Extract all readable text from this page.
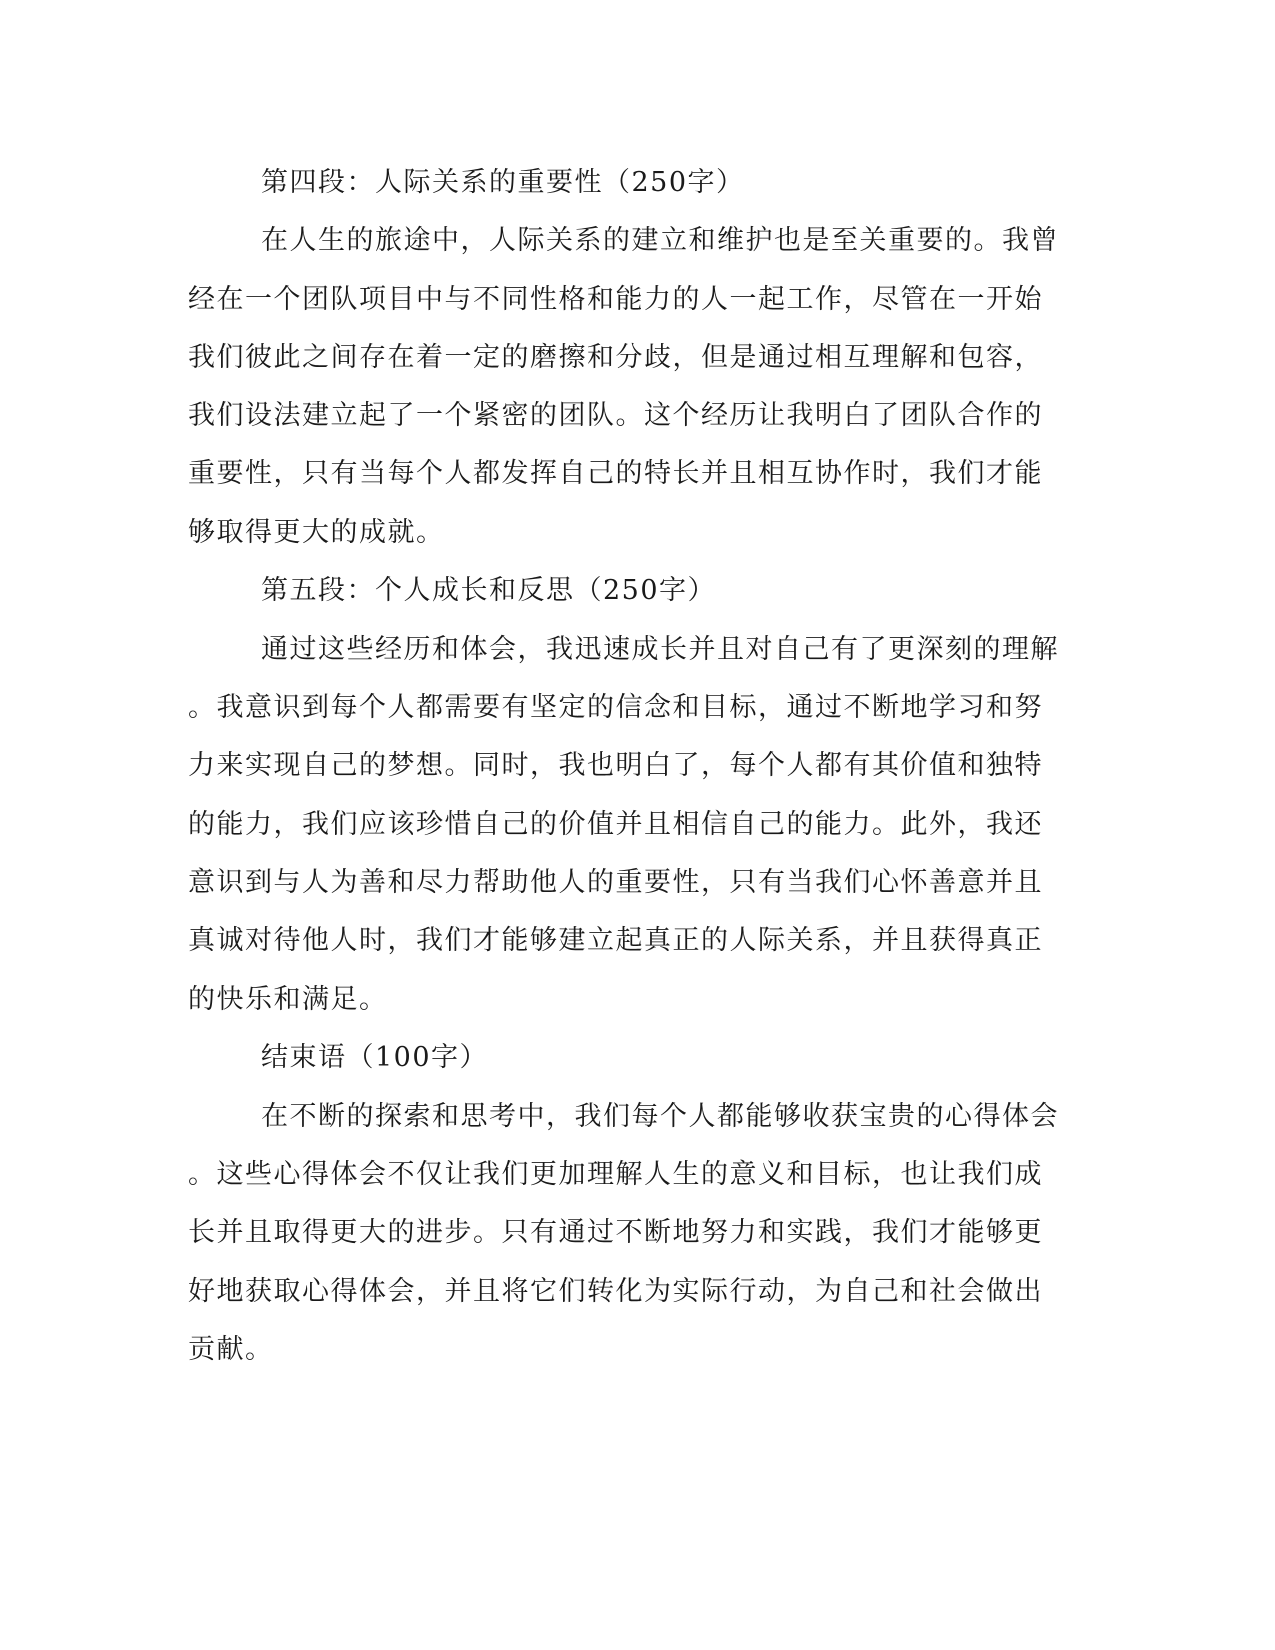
第四段：人际关系的重要性（250字）
在人生的旅途中，人际关系的建立和维护也是至关重要的。我曾
经在一个团队项目中与不同性格和能力的人一起工作，尽管在一开始
我们彼此之间存在着一定的磨擦和分歧，但是通过相互理解和包容，
我们设法建立起了一个紧密的团队。这个经历让我明白了团队合作的
重要性，只有当每个人都发挥自己的特长并且相互协作时，我们才能
够取得更大的成就。
第五段：个人成长和反思（250字）
通过这些经历和体会，我迅速成长并且对自己有了更深刻的理解
。我意识到每个人都需要有坚定的信念和目标，通过不断地学习和努
力来实现自己的梦想。同时，我也明白了，每个人都有其价值和独特
的能力，我们应该珍惜自己的价值并且相信自己的能力。此外，我还
意识到与人为善和尽力帮助他人的重要性，只有当我们心怀善意并且
真诚对待他人时，我们才能够建立起真正的人际关系，并且获得真正
的快乐和满足。
结束语（100字）
在不断的探索和思考中，我们每个人都能够收获宝贵的心得体会
。这些心得体会不仅让我们更加理解人生的意义和目标，也让我们成
长并且取得更大的进步。只有通过不断地努力和实践，我们才能够更
好地获取心得体会，并且将它们转化为实际行动，为自己和社会做出
贡献。
